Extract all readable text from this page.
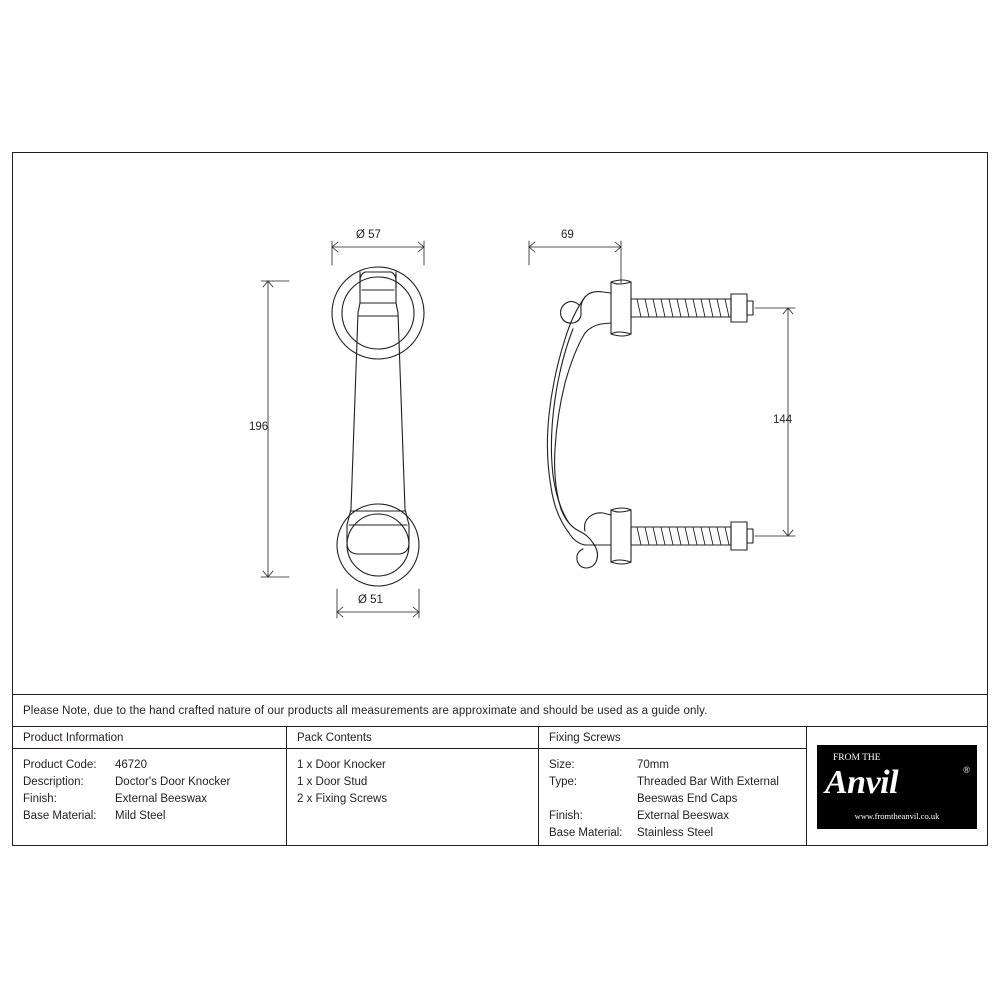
196
Ø 57
Ø 51
69
144
Please Note, due to the hand crafted nature of our products all measurements are approximate and should be used as a guide only.
Product Information
Product Code:	46720
Description:	Doctor's Door Knocker
Finish:	External Beeswax
Base Material:	Mild Steel
Pack Contents
1 x Door Knocker
1 x Door Stud
2 x Fixing Screws
Fixing Screws
Size:	70mm
Type:	Threaded Bar With External
Beeswas End Caps
Finish:	External Beeswax
Base Material:	Stainless Steel
FROM THE
Anvil	®
www.fromtheanvil.co.uk
